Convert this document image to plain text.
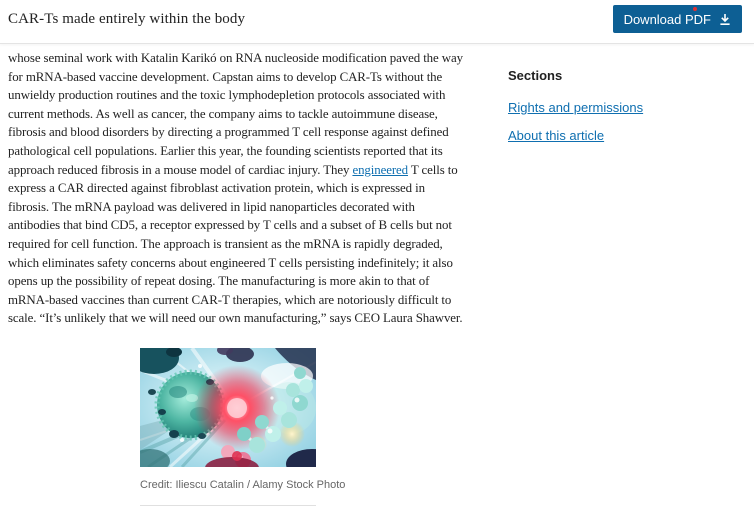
CAR-Ts made entirely within the body	Download PDF

whose seminal work with Katalin Karikó on RNA nucleoside modification paved the way for mRNA-based vaccine development. Capstan aims to develop CAR-Ts without the unwieldy production routines and the toxic lymphodepletion protocols associated with current methods. As well as cancer, the company aims to tackle autoimmune disease, fibrosis and blood disorders by directing a programmed T cell response against defined pathological cell populations. Earlier this year, the founding scientists reported that its approach reduced fibrosis in a mouse model of cardiac injury. They engineered T cells to express a CAR directed against fibroblast activation protein, which is expressed in fibrosis. The mRNA payload was delivered in lipid nanoparticles decorated with antibodies that bind CD5, a receptor expressed by T cells and a subset of B cells but not required for cell function. The approach is transient as the mRNA is rapidly degraded, which eliminates safety concerns about engineered T cells persisting indefinitely; it also opens up the possibility of repeat dosing. The manufacturing is more akin to that of mRNA-based vaccines than current CAR-T therapies, which are notoriously difficult to scale. “It’s unlikely that we will need our own manufacturing,” says CEO Laura Shawver.

Credit: Iliescu Catalin / Alamy Stock Photo
Sections
Rights and permissions
About this article
